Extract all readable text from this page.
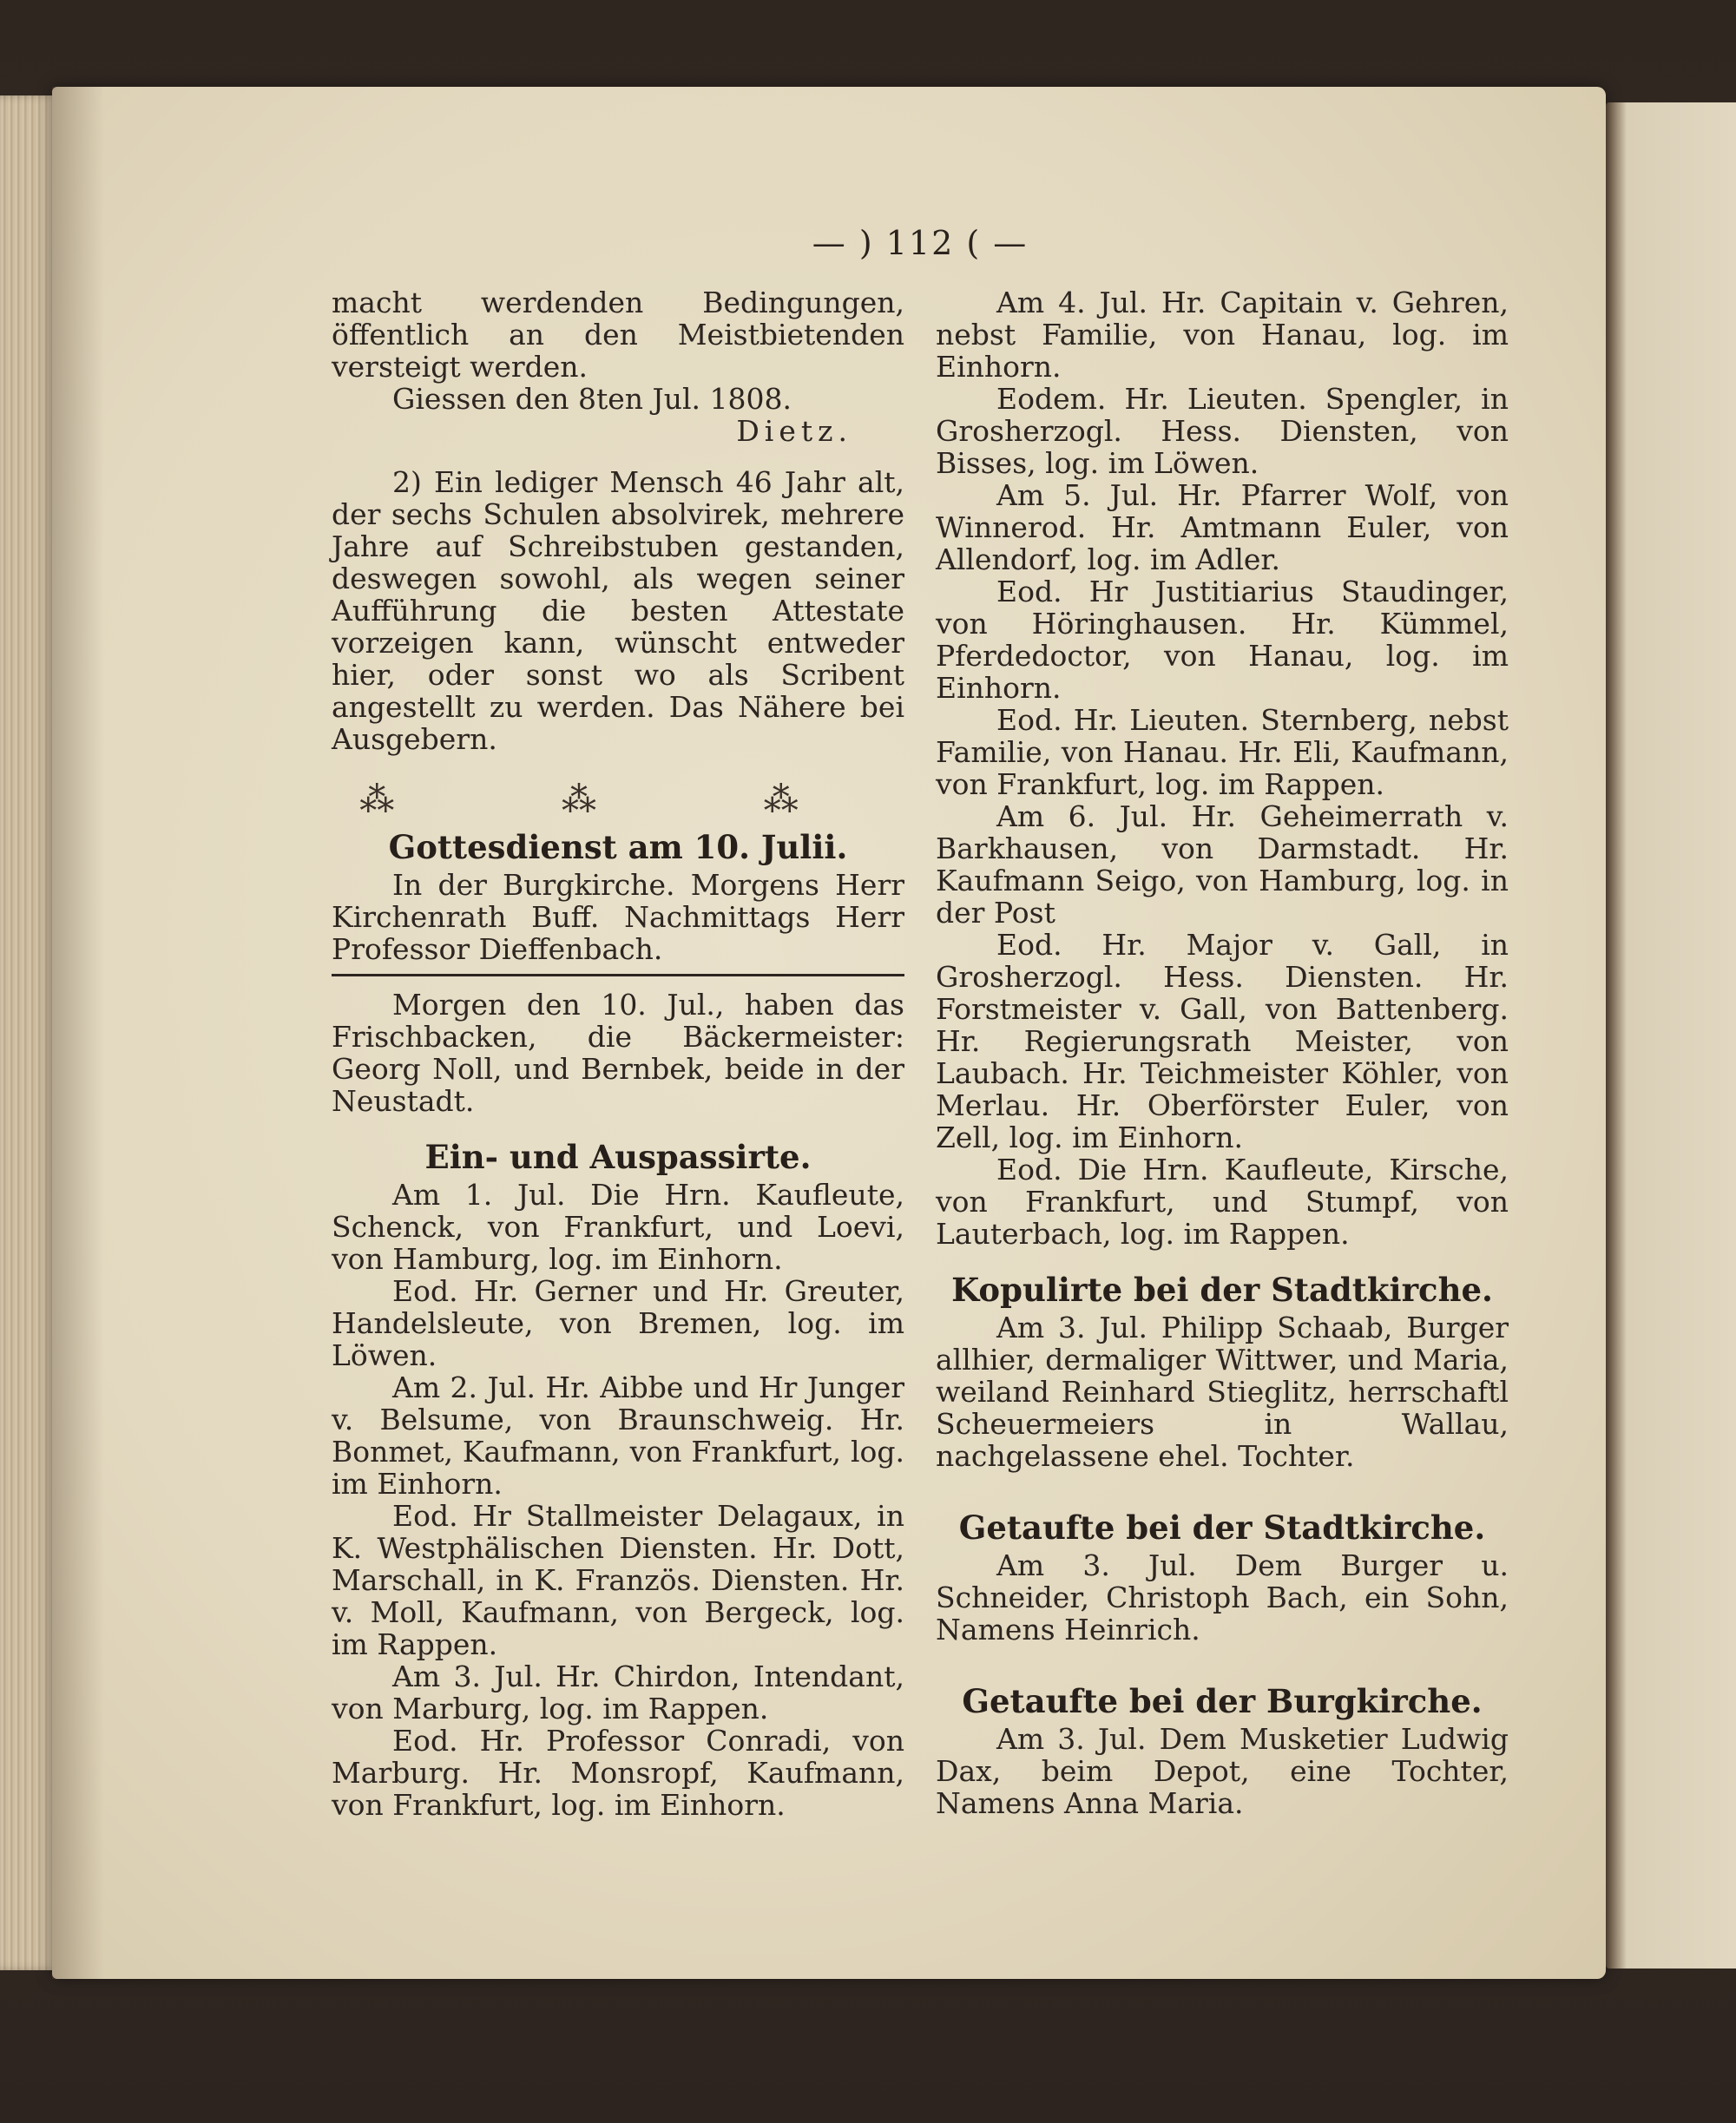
— ) 112 ( —

macht werdenden Bedingungen, öffentlich an den Meistbietenden versteigt werden.

Giessen den 8ten Jul. 1808.

Dietz.

2) Ein lediger Mensch 46 Jahr alt, der sechs Schulen absolvirek, mehrere Jahre auf Schreibstuben gestanden, deswegen sowohl, als wegen seiner Aufführung die besten Attestate vorzeigen kann, wünscht entweder hier, oder sonst wo als Scribent angestellt zu werden. Das Nähere bei Ausgebern.

⁂ ⁂ ⁂
Gottesdienst am 10. Julii.

In der Burgkirche. Morgens Herr Kirchenrath Buff. Nachmittags Herr Professor Dieffenbach.

Morgen den 10. Jul., haben das Frischbacken, die Bäckermeister: Georg Noll, und Bernbek, beide in der Neustadt.

Ein- und Auspassirte.

Am 1. Jul. Die Hrn. Kaufleute, Schenck, von Frankfurt, und Loevi, von Hamburg, log. im Einhorn.

Eod. Hr. Gerner und Hr. Greuter, Handelsleute, von Bremen, log. im Löwen.

Am 2. Jul. Hr. Aibbe und Hr Junger v. Belsume, von Braunschweig. Hr. Bonmet, Kaufmann, von Frankfurt, log. im Einhorn.

Eod. Hr Stallmeister Delagaux, in K. Westphälischen Diensten. Hr. Dott, Marschall, in K. Französ. Diensten. Hr. v. Moll, Kaufmann, von Bergeck, log. im Rappen.

Am 3. Jul. Hr. Chirdon, Intendant, von Marburg, log. im Rappen.

Eod. Hr. Professor Conradi, von Marburg. Hr. Monsropf, Kaufmann, von Frankfurt, log. im Einhorn.

Am 4. Jul. Hr. Capitain v. Gehren, nebst Familie, von Hanau, log. im Einhorn.

Eodem. Hr. Lieuten. Spengler, in Grosherzogl. Hess. Diensten, von Bisses, log. im Löwen.

Am 5. Jul. Hr. Pfarrer Wolf, von Winnerod. Hr. Amtmann Euler, von Allendorf, log. im Adler.

Eod. Hr Justitiarius Staudinger, von Höringhausen. Hr. Kümmel, Pferdedoctor, von Hanau, log. im Einhorn.

Eod. Hr. Lieuten. Sternberg, nebst Familie, von Hanau. Hr. Eli, Kaufmann, von Frankfurt, log. im Rappen.

Am 6. Jul. Hr. Geheimerrath v. Barkhausen, von Darmstadt. Hr. Kaufmann Seigo, von Hamburg, log. in der Post

Eod. Hr. Major v. Gall, in Grosherzogl. Hess. Diensten. Hr. Forstmeister v. Gall, von Battenberg. Hr. Regierungsrath Meister, von Laubach. Hr. Teichmeister Köhler, von Merlau. Hr. Oberförster Euler, von Zell, log. im Einhorn.

Eod. Die Hrn. Kaufleute, Kirsche, von Frankfurt, und Stumpf, von Lauterbach, log. im Rappen.

Kopulirte bei der Stadtkirche.

Am 3. Jul. Philipp Schaab, Burger allhier, dermaliger Wittwer, und Maria, weiland Reinhard Stieglitz, herrschaftl Scheuermeiers in Wallau, nachgelassene ehel. Tochter.

Getaufte bei der Stadtkirche.

Am 3. Jul. Dem Burger u. Schneider, Christoph Bach, ein Sohn, Namens Heinrich.

Getaufte bei der Burgkirche.

Am 3. Jul. Dem Musketier Ludwig Dax, beim Depot, eine Tochter, Namens Anna Maria.
